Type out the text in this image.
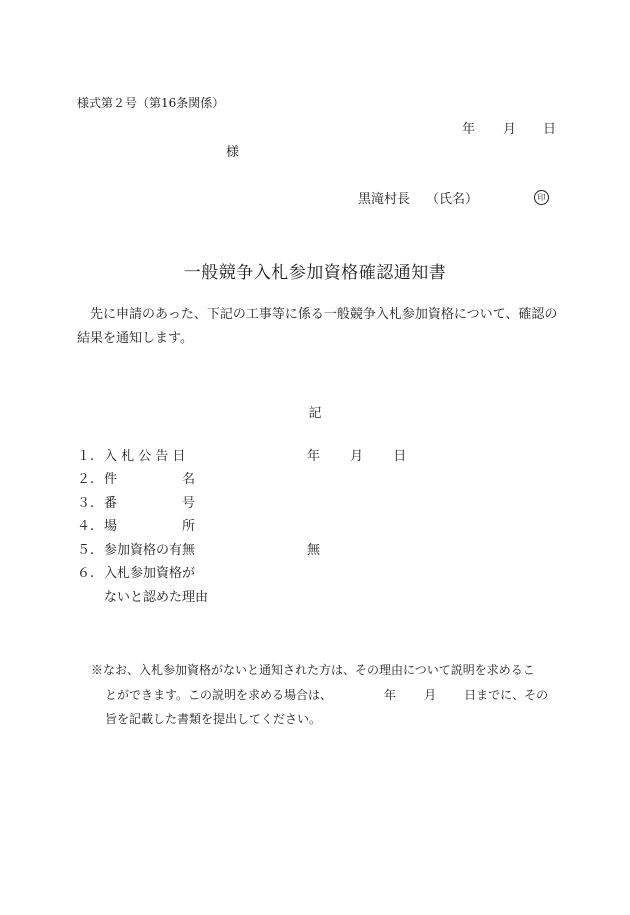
様式第２号（第16条関係）
年 月 日
様
黒滝村長 （氏名）	印
一般競争入札参加資格確認通知書
先に申請のあった、下記の工事等に係る一般競争入札参加資格について、確認の結果を通知します。
記
１. 入 札 公 告 日	年　　 月　　 日
２. 件　　　　　名
３. 番　　　　　号
４. 場　　　　　所
５. 参加資格の有無	無
６. 入札参加資格が
ないと認めた理由
※なお、入札参加資格がないと通知された方は、その理由について説明を求めるこ
とができます。この説明を求める場合は、	年 月 日までに、その
旨を記載した書類を提出してください。
